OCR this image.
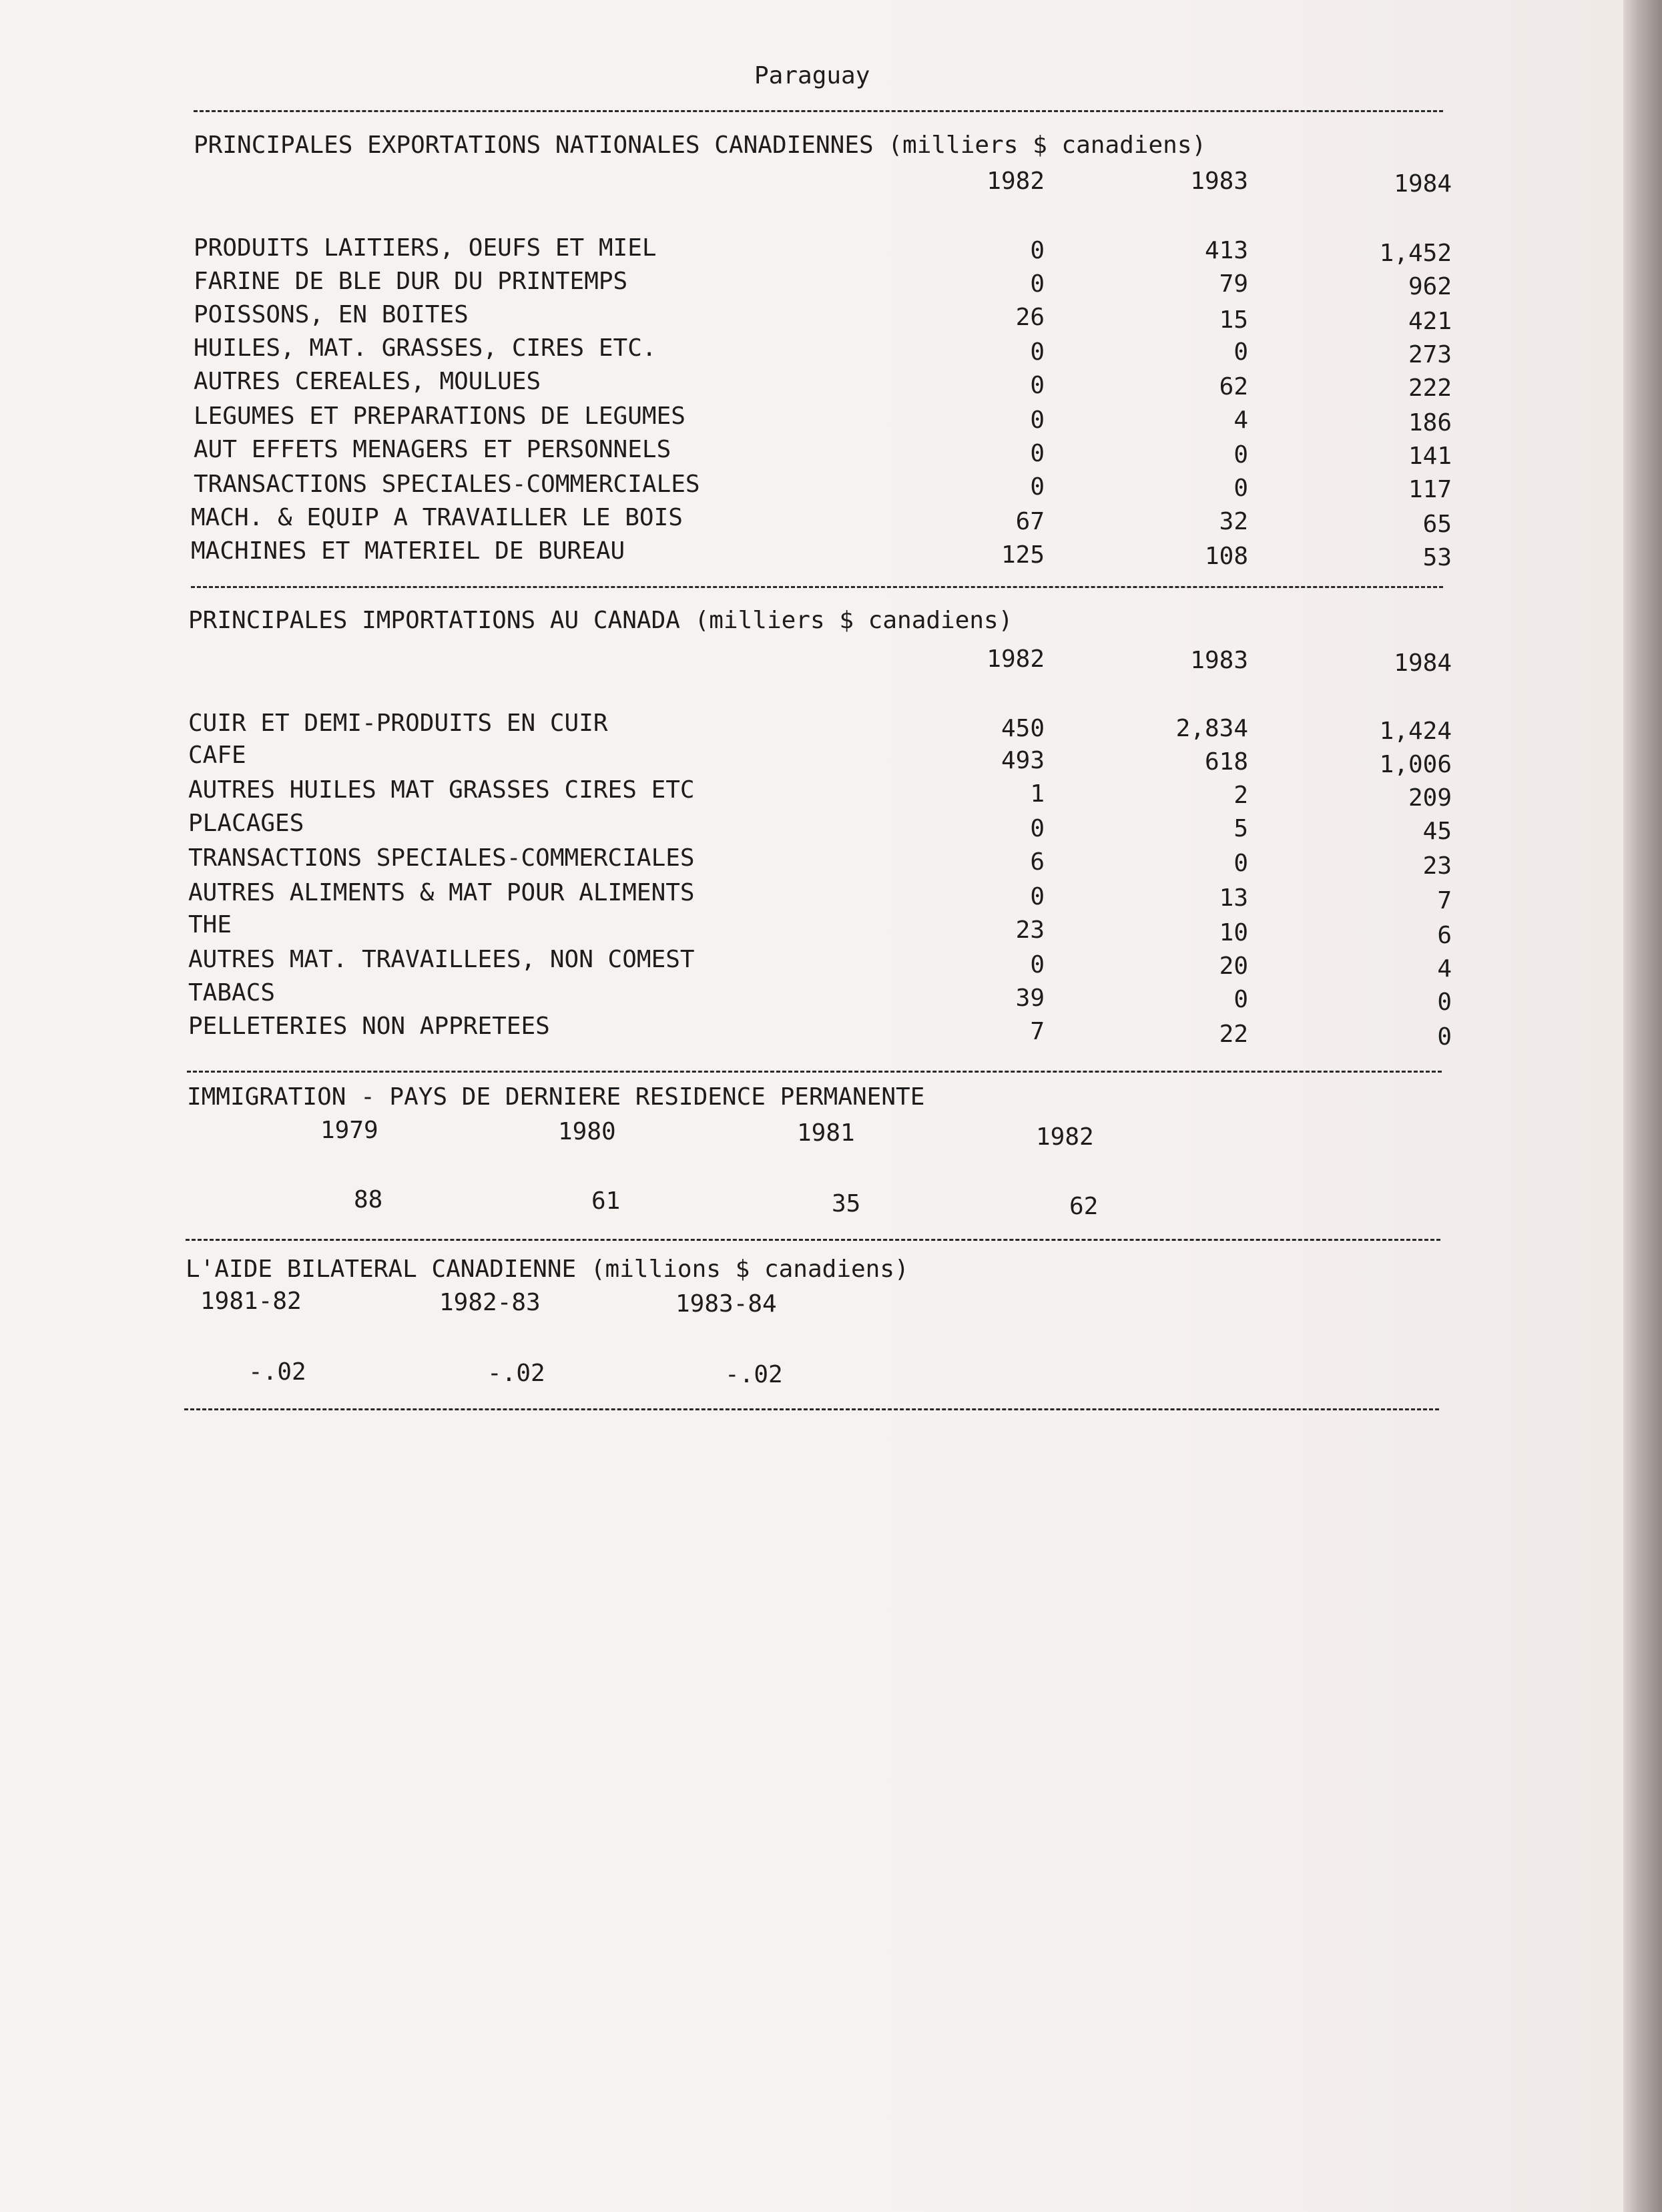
Paraguay
PRINCIPALES EXPORTATIONS NATIONALES CANADIENNES (milliers $ canadiens)
1982	1983	1984
PRODUITS LAITIERS, OEUFS ET MIEL	0	413	1,452
FARINE DE BLE DUR DU PRINTEMPS	0	79	962
POISSONS, EN BOITES	26	15	421
HUILES, MAT. GRASSES, CIRES ETC.	0	0	273
AUTRES CEREALES, MOULUES	0	62	222
LEGUMES ET PREPARATIONS DE LEGUMES	0	4	186
AUT EFFETS MENAGERS ET PERSONNELS	0	0	141
TRANSACTIONS SPECIALES-COMMERCIALES	0	0	117
MACH. & EQUIP A TRAVAILLER LE BOIS	67	32	65
MACHINES ET MATERIEL DE BUREAU	125	108	53
PRINCIPALES IMPORTATIONS AU CANADA (milliers $ canadiens)
1982	1983	1984
CUIR ET DEMI-PRODUITS EN CUIR	450	2,834	1,424
CAFE	493	618	1,006
AUTRES HUILES MAT GRASSES CIRES ETC	1	2	209
PLACAGES	0	5	45
TRANSACTIONS SPECIALES-COMMERCIALES	6	0	23
AUTRES ALIMENTS & MAT POUR ALIMENTS	0	13	7
THE	23	10	6
AUTRES MAT. TRAVAILLEES, NON COMEST	0	20	4
TABACS	39	0	0
PELLETERIES NON APPRETEES	7	22	0
IMMIGRATION - PAYS DE DERNIERE RESIDENCE PERMANENTE
1979	1980	1981	1982
88	61	35	62
L'AIDE BILATERAL CANADIENNE (millions $ canadiens)
1981-82	1982-83	1983-84
-.02	-.02	-.02
